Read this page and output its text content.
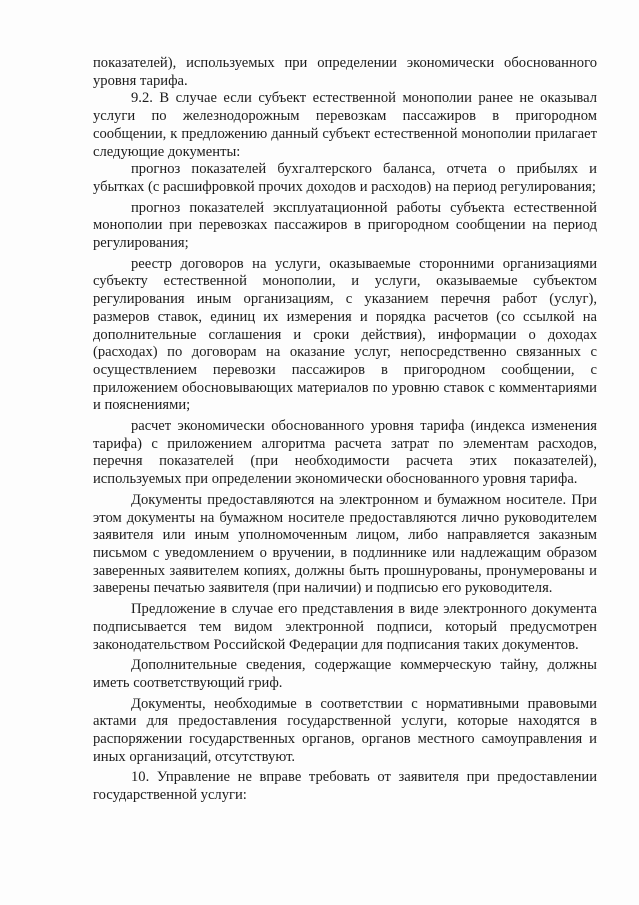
показателей), используемых при определении экономически обоснованного уровня тарифа.

9.2. В случае если субъект естественной монополии ранее не оказывал услуги по железнодорожным перевозкам пассажиров в пригородном сообщении, к предложению данный субъект естественной монополии прилагает следующие документы:

прогноз показателей бухгалтерского баланса, отчета о прибылях и убытках (с расшифровкой прочих доходов и расходов) на период регулирования;

прогноз показателей эксплуатационной работы субъекта естественной монополии при перевозках пассажиров в пригородном сообщении на период регулирования;

реестр договоров на услуги, оказываемые сторонними организациями субъекту естественной монополии, и услуги, оказываемые субъектом регулирования иным организациям, с указанием перечня работ (услуг), размеров ставок, единиц их измерения и порядка расчетов (со ссылкой на дополнительные соглашения и сроки действия), информации о доходах (расходах) по договорам на оказание услуг, непосредственно связанных с осуществлением перевозки пассажиров в пригородном сообщении, с приложением обосновывающих материалов по уровню ставок с комментариями и пояснениями;

расчет экономически обоснованного уровня тарифа (индекса изменения тарифа) с приложением алгоритма расчета затрат по элементам расходов, перечня показателей (при необходимости расчета этих показателей), используемых при определении экономически обоснованного уровня тарифа.

Документы предоставляются на электронном и бумажном носителе. При этом документы на бумажном носителе предоставляются лично руководителем заявителя или иным уполномоченным лицом, либо направляется заказным письмом с уведомлением о вручении, в подлиннике или надлежащим образом заверенных заявителем копиях, должны быть прошнурованы, пронумерованы и заверены печатью заявителя (при наличии) и подписью его руководителя.

Предложение в случае его представления в виде электронного документа подписывается тем видом электронной подписи, который предусмотрен законодательством Российской Федерации для подписания таких документов.

Дополнительные сведения, содержащие коммерческую тайну, должны иметь соответствующий гриф.

Документы, необходимые в соответствии с нормативными правовыми актами для предоставления государственной услуги, которые находятся в распоряжении государственных органов, органов местного самоуправления и иных организаций, отсутствуют.

10. Управление не вправе требовать от заявителя при предоставлении государственной услуги:
